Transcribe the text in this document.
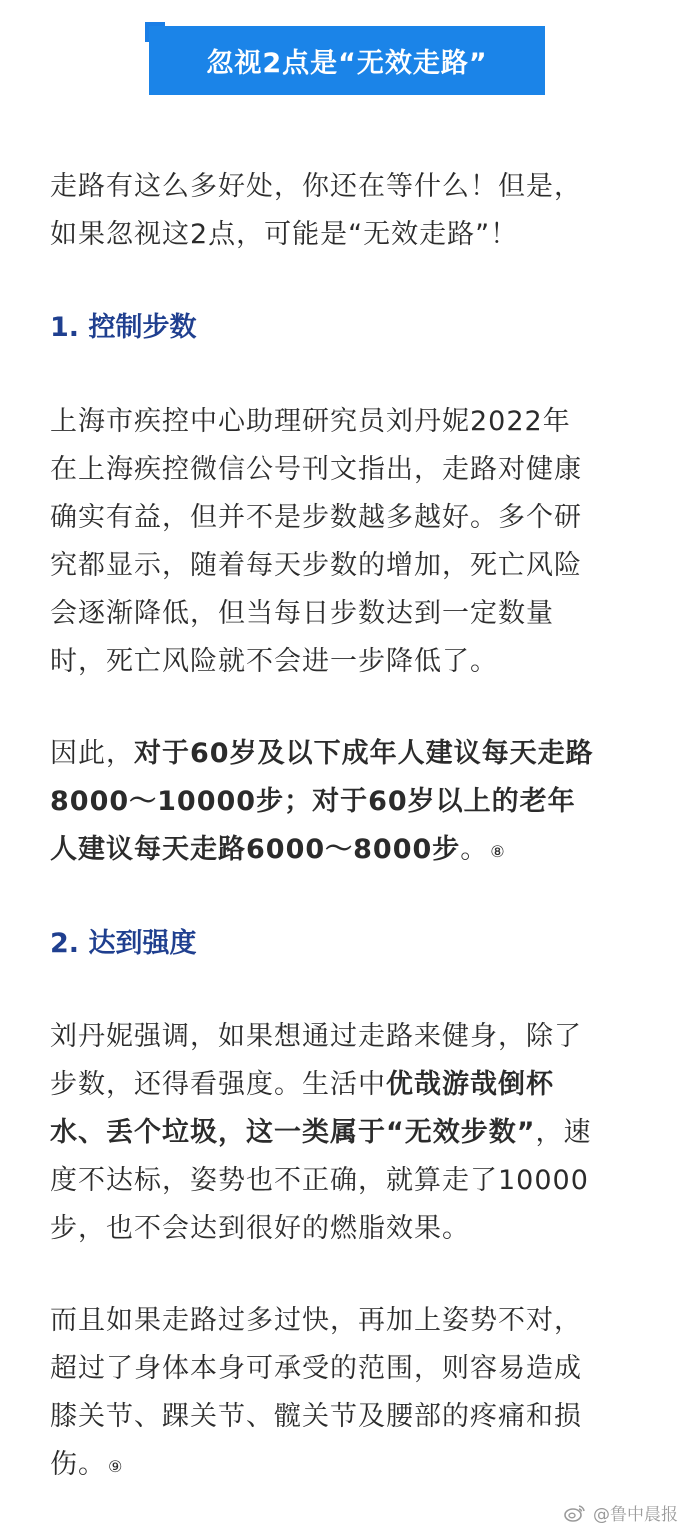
忽视2点是“无效走路”
走路有这么多好处，你还在等什么！但是，
如果忽视这2点，可能是“无效走路”！
1. 控制步数
上海市疾控中心助理研究员刘丹妮2022年
在上海疾控微信公号刊文指出，走路对健康
确实有益，但并不是步数越多越好。多个研
究都显示，随着每天步数的增加，死亡风险
会逐渐降低，但当每日步数达到一定数量
时，死亡风险就不会进一步降低了。
因此，对于60岁及以下成年人建议每天走路
8000～10000步；对于60岁以上的老年
人建议每天走路6000～8000步。 ⑧
2. 达到强度
刘丹妮强调，如果想通过走路来健身，除了
步数，还得看强度。生活中优哉游哉倒杯
水、丢个垃圾，这一类属于“无效步数”，速
度不达标，姿势也不正确，就算走了10000
步，也不会达到很好的燃脂效果。
而且如果走路过多过快，再加上姿势不对，
超过了身体本身可承受的范围，则容易造成
膝关节、踝关节、髋关节及腰部的疼痛和损
伤。 ⑨
@鲁中晨报
